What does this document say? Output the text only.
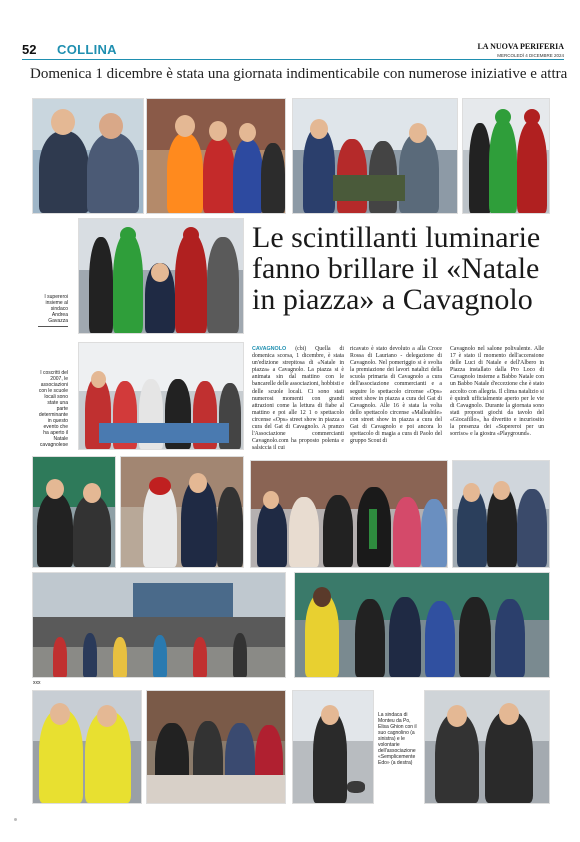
52 COLLINA	LA NUOVA PERIFERIA
MERCOLEDÌ 4 DICEMBRE 2024
Domenica 1 dicembre è stata una giornata indimenticabile con numerose iniziative e attra
I supereroi insieme al sindaco Andrea Gavazza
Le scintillanti luminarie fanno brillare il «Natale in piazza» a Cavagnolo
I coscritti del 2007, le associazioni con le scuole locali sono state una parte determinante in questo evento che ha aperto il Natale cavagnolese
CAVAGNOLO (cbi) Quella di domenica scorsa, 1 dicembre, è stata un'edizione strepitosa di «Natale in piazza» a Cavagnolo. La piazza si è animata sin dal mattino con le bancarelle delle associazioni, hobbisti e delle scuole locali. Ci sono stati numerosi momenti con grandi attrazioni come la lettura di fiabe al mattino e poi alle 12 1 o spettacolo circense «Ops» street show in piazza a cura del Gat di Cavagnolo. A pranzo l'Associazione commercianti Cavagnolo.com ha proposto polenta e salsiccia il cui
ricavato è stato devoluto a alla Croce Rossa di Lauriano - delegazione di Cavagnolo. Nel pomeriggio si è svolta la premiazione dei lavori natalizi della scuola primaria di Cavagnolo a cura dell'associazione commercianti e a seguire lo spettacolo circense «Ops» street show in piazza a cura del Gat di Cavagnolo. Alle 16 è stata la volta dello spettacolo circense «Malleabile» con street show in piazza a cura del Gat di Cavagnolo e poi ancora lo spettacolo di magia a cura di Paolo del gruppo Scout di
Cavagnolo nel salone polivalente. Alle 17 è stato il momento dell'accensione delle Luci di Natale e dell'Albero in Piazza installato dalla Pro Loco di Cavagnolo insieme a Babbo Natale con un Babbo Natale d'eccezione che è stato accolto con allegria. Il clima natalizio si è quindi ufficialmente aperto per le vie di Cavagnolo. Durante la giornata sono stati proposti giochi da tavolo del «Giocafillo», ha divertito e incuriosito la presenza dei «Supereroi per un sorriso» e la giostra «Playground».
xxx
La sindaca di Monteu da Po, Elisa Ghion con il suo cagnolino (a sinistra) e le volontarie dell'associazione «Semplicemente Edo» (a destra)
